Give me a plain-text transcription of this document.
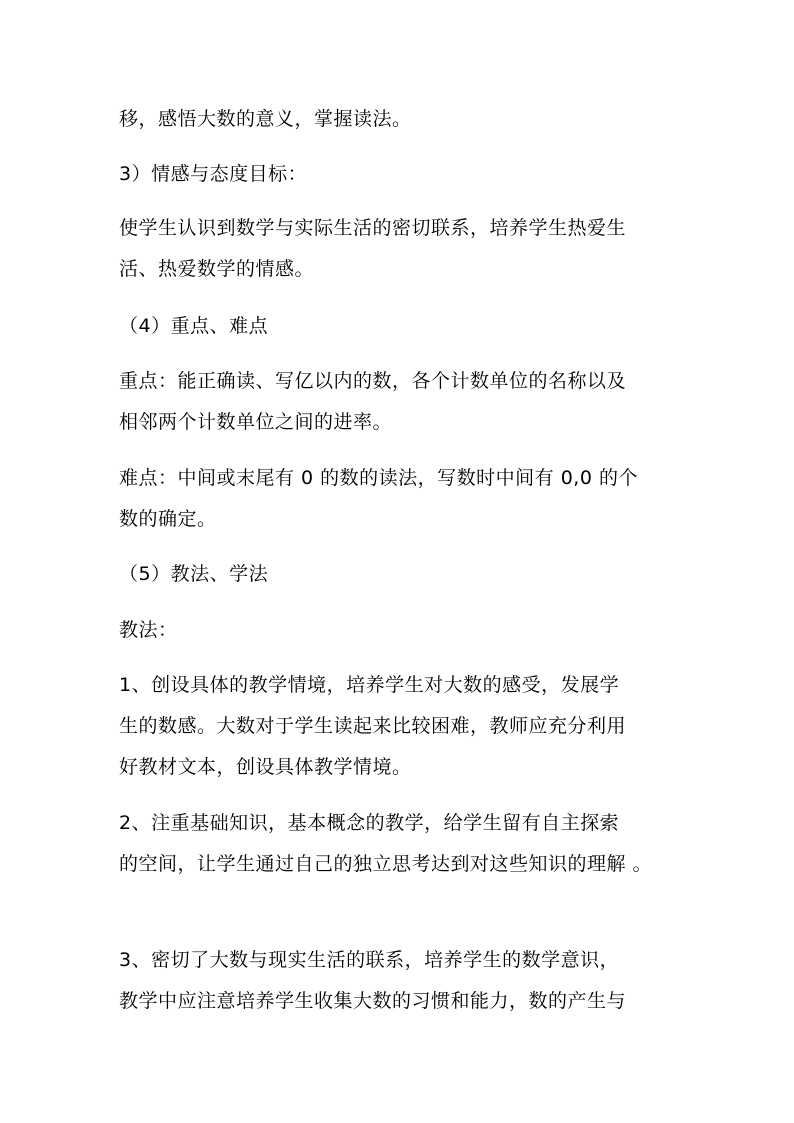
移，感悟大数的意义，掌握读法。
3）情感与态度目标：
使学生认识到数学与实际生活的密切联系，培养学生热爱生
活、热爱数学的情感。
（4）重点、难点
重点：能正确读、写亿以内的数，各个计数单位的名称以及
相邻两个计数单位之间的进率。
难点：中间或末尾有 0 的数的读法，写数时中间有 0,0 的个
数的确定。
（5）教法、学法
教法：
1、创设具体的教学情境，培养学生对大数的感受，发展学
生的数感。大数对于学生读起来比较困难，教师应充分利用
好教材文本，创设具体教学情境。
2、注重基础知识，基本概念的教学，给学生留有自主探索
的空间，让学生通过自己的独立思考达到对这些知识的理解 。
3、密切了大数与现实生活的联系，培养学生的数学意识，
教学中应注意培养学生收集大数的习惯和能力，数的产生与
